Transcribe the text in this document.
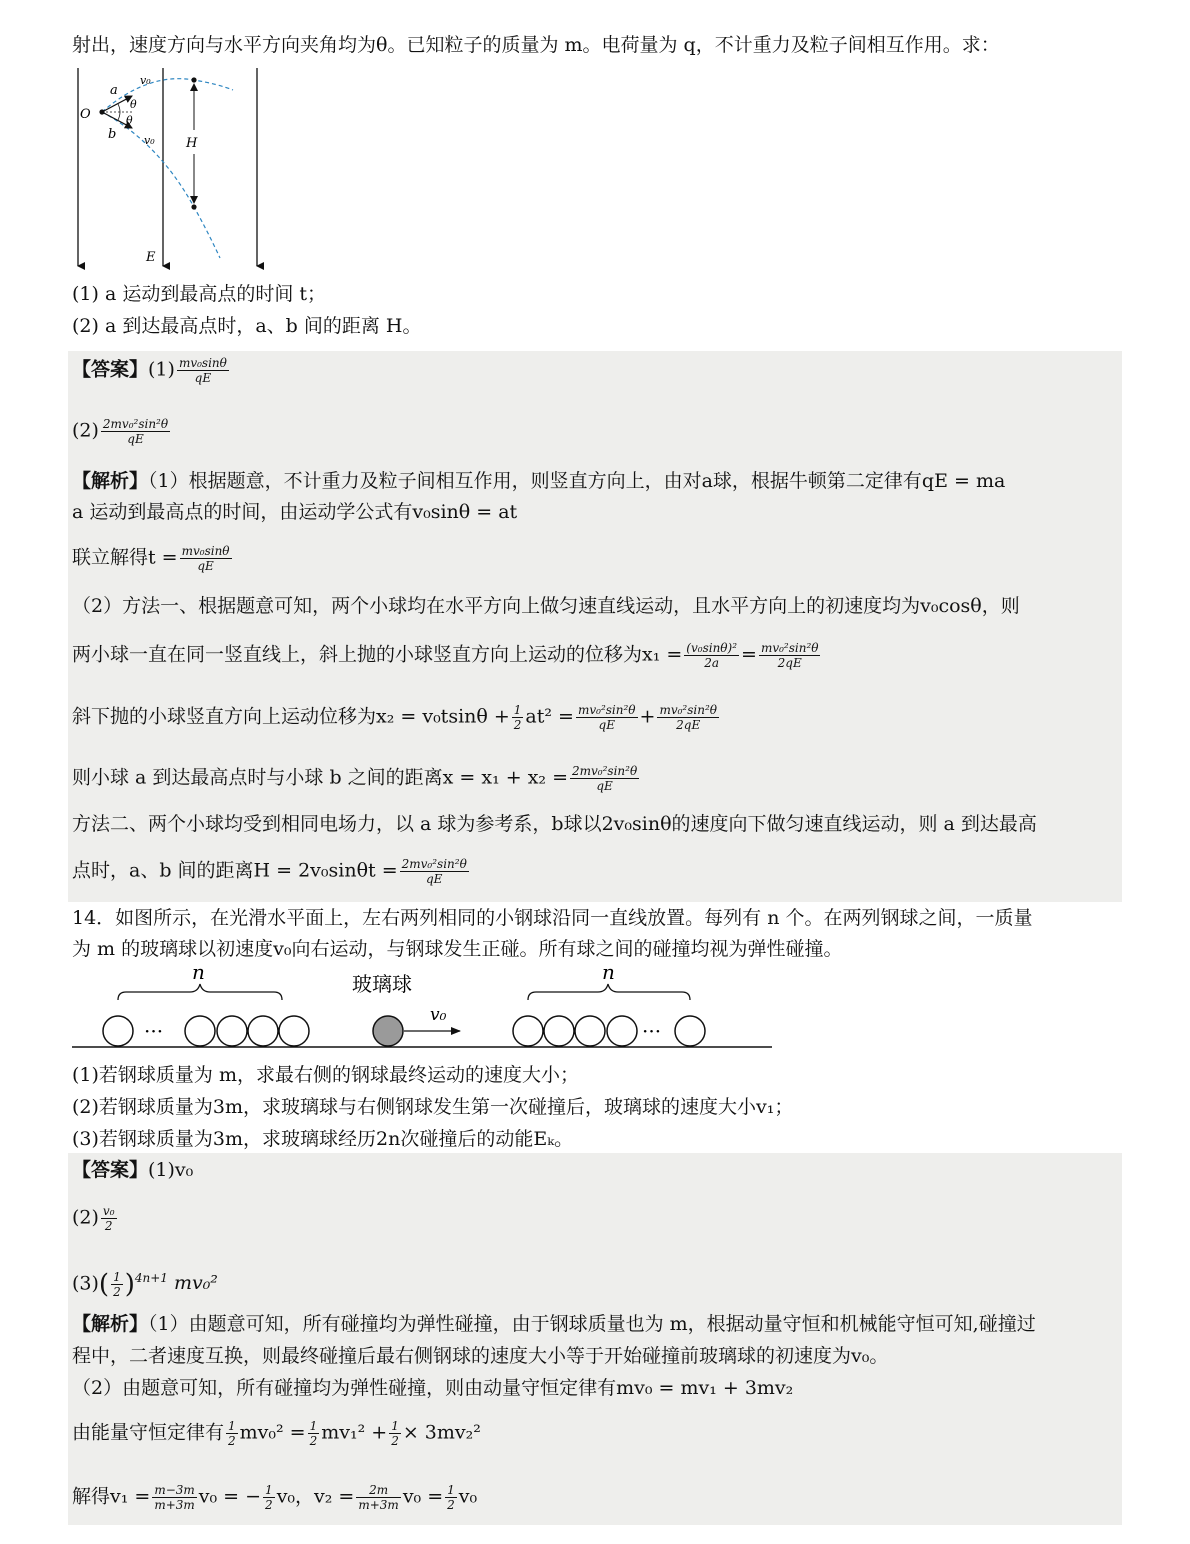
射出，速度方向与水平方向夹角均为θ。已知粒子的质量为 m。电荷量为 q，不计重力及粒子间相互作用。求：
O
a
b
v₀
v₀
θ
θ
H
E
(1) a 运动到最高点的时间 t；
(2) a 到达最高点时，a、b 间的距离 H。
【答案】$(1) \frac{\text{mv₀sinθ}}{qE}$
$(2) \frac{\text{2mv₀²sin²θ}}{qE}$
【解析】（1）根据题意，不计重力及粒子间相互作用，则竖直方向上，由对a球，根据牛顿第二定律有qE = ma
a 运动到最高点的时间，由运动学公式有v₀sinθ = at
联立解得$t = \frac{\text{mv₀sinθ}}{qE}$
（2）方法一、根据题意可知，两个小球均在水平方向上做匀速直线运动，且水平方向上的初速度均为v₀cosθ，则
两小球一直在同一竖直线上，斜上抛的小球竖直方向上运动的位移为$x_1 = \frac{\text{(v₀sinθ)²}}{2a} = \frac{\text{mv₀²sin²θ}}{2qE}$
斜下抛的小球竖直方向上运动位移为$x_2 = v_0tsin\theta + \frac{1}{2} at^2 = \frac{\text{mv₀²sin²θ}}{qE} + \frac{\text{mv₀²sin²θ}}{2qE}$
则小球 a 到达最高点时与小球 b 之间的距离$x = x_1 + x_2 = \frac{\text{2mv₀²sin²θ}}{qE}$
方法二、两个小球均受到相同电场力，以 a 球为参考系，b球以2v₀sinθ的速度向下做匀速直线运动，则 a 到达最高
点时，a、b 间的距离$H = 2v_0\sin\theta t = \frac{\text{2mv₀²sin²θ}}{qE}$
14．如图所示，在光滑水平面上，左右两列相同的小钢球沿同一直线放置。每列有 n 个。在两列钢球之间，一质量
为 m 的玻璃球以初速度v₀向右运动，与钢球发生正碰。所有球之间的碰撞均视为弹性碰撞。
n
···
玻璃球
v₀
n
···
(1)若钢球质量为 m，求最右侧的钢球最终运动的速度大小；
(2)若钢球质量为3m，求玻璃球与右侧钢球发生第一次碰撞后，玻璃球的速度大小v₁；
(3)若钢球质量为3m，求玻璃球经历2n次碰撞后的动能Eₖ。
【答案】(1)v₀
$(2) \frac{\text{v₀}}{2}$
$(3)( \frac{1}{2} )^{4n+1}$ mv₀²
【解析】（1）由题意可知，所有碰撞均为弹性碰撞，由于钢球质量也为 m，根据动量守恒和机械能守恒可知,碰撞过
程中，二者速度互换，则最终碰撞后最右侧钢球的速度大小等于开始碰撞前玻璃球的初速度为v₀。
（2）由题意可知，所有碰撞均为弹性碰撞，则由动量守恒定律有mv₀ = mv₁ + 3mv₂
由能量守恒定律有 $\frac{1}{2} mv_0^2 = \frac{1}{2} mv_1^2 + \frac{1}{2} \times 3mv_2^2$
解得$v_1 = \frac{m-3m}{m+3m} v_0$ = − $\frac{1}{2} v_0$，$v_2 = \frac{2m}{m+3m} v_0 = \frac{1}{2} v_0$
